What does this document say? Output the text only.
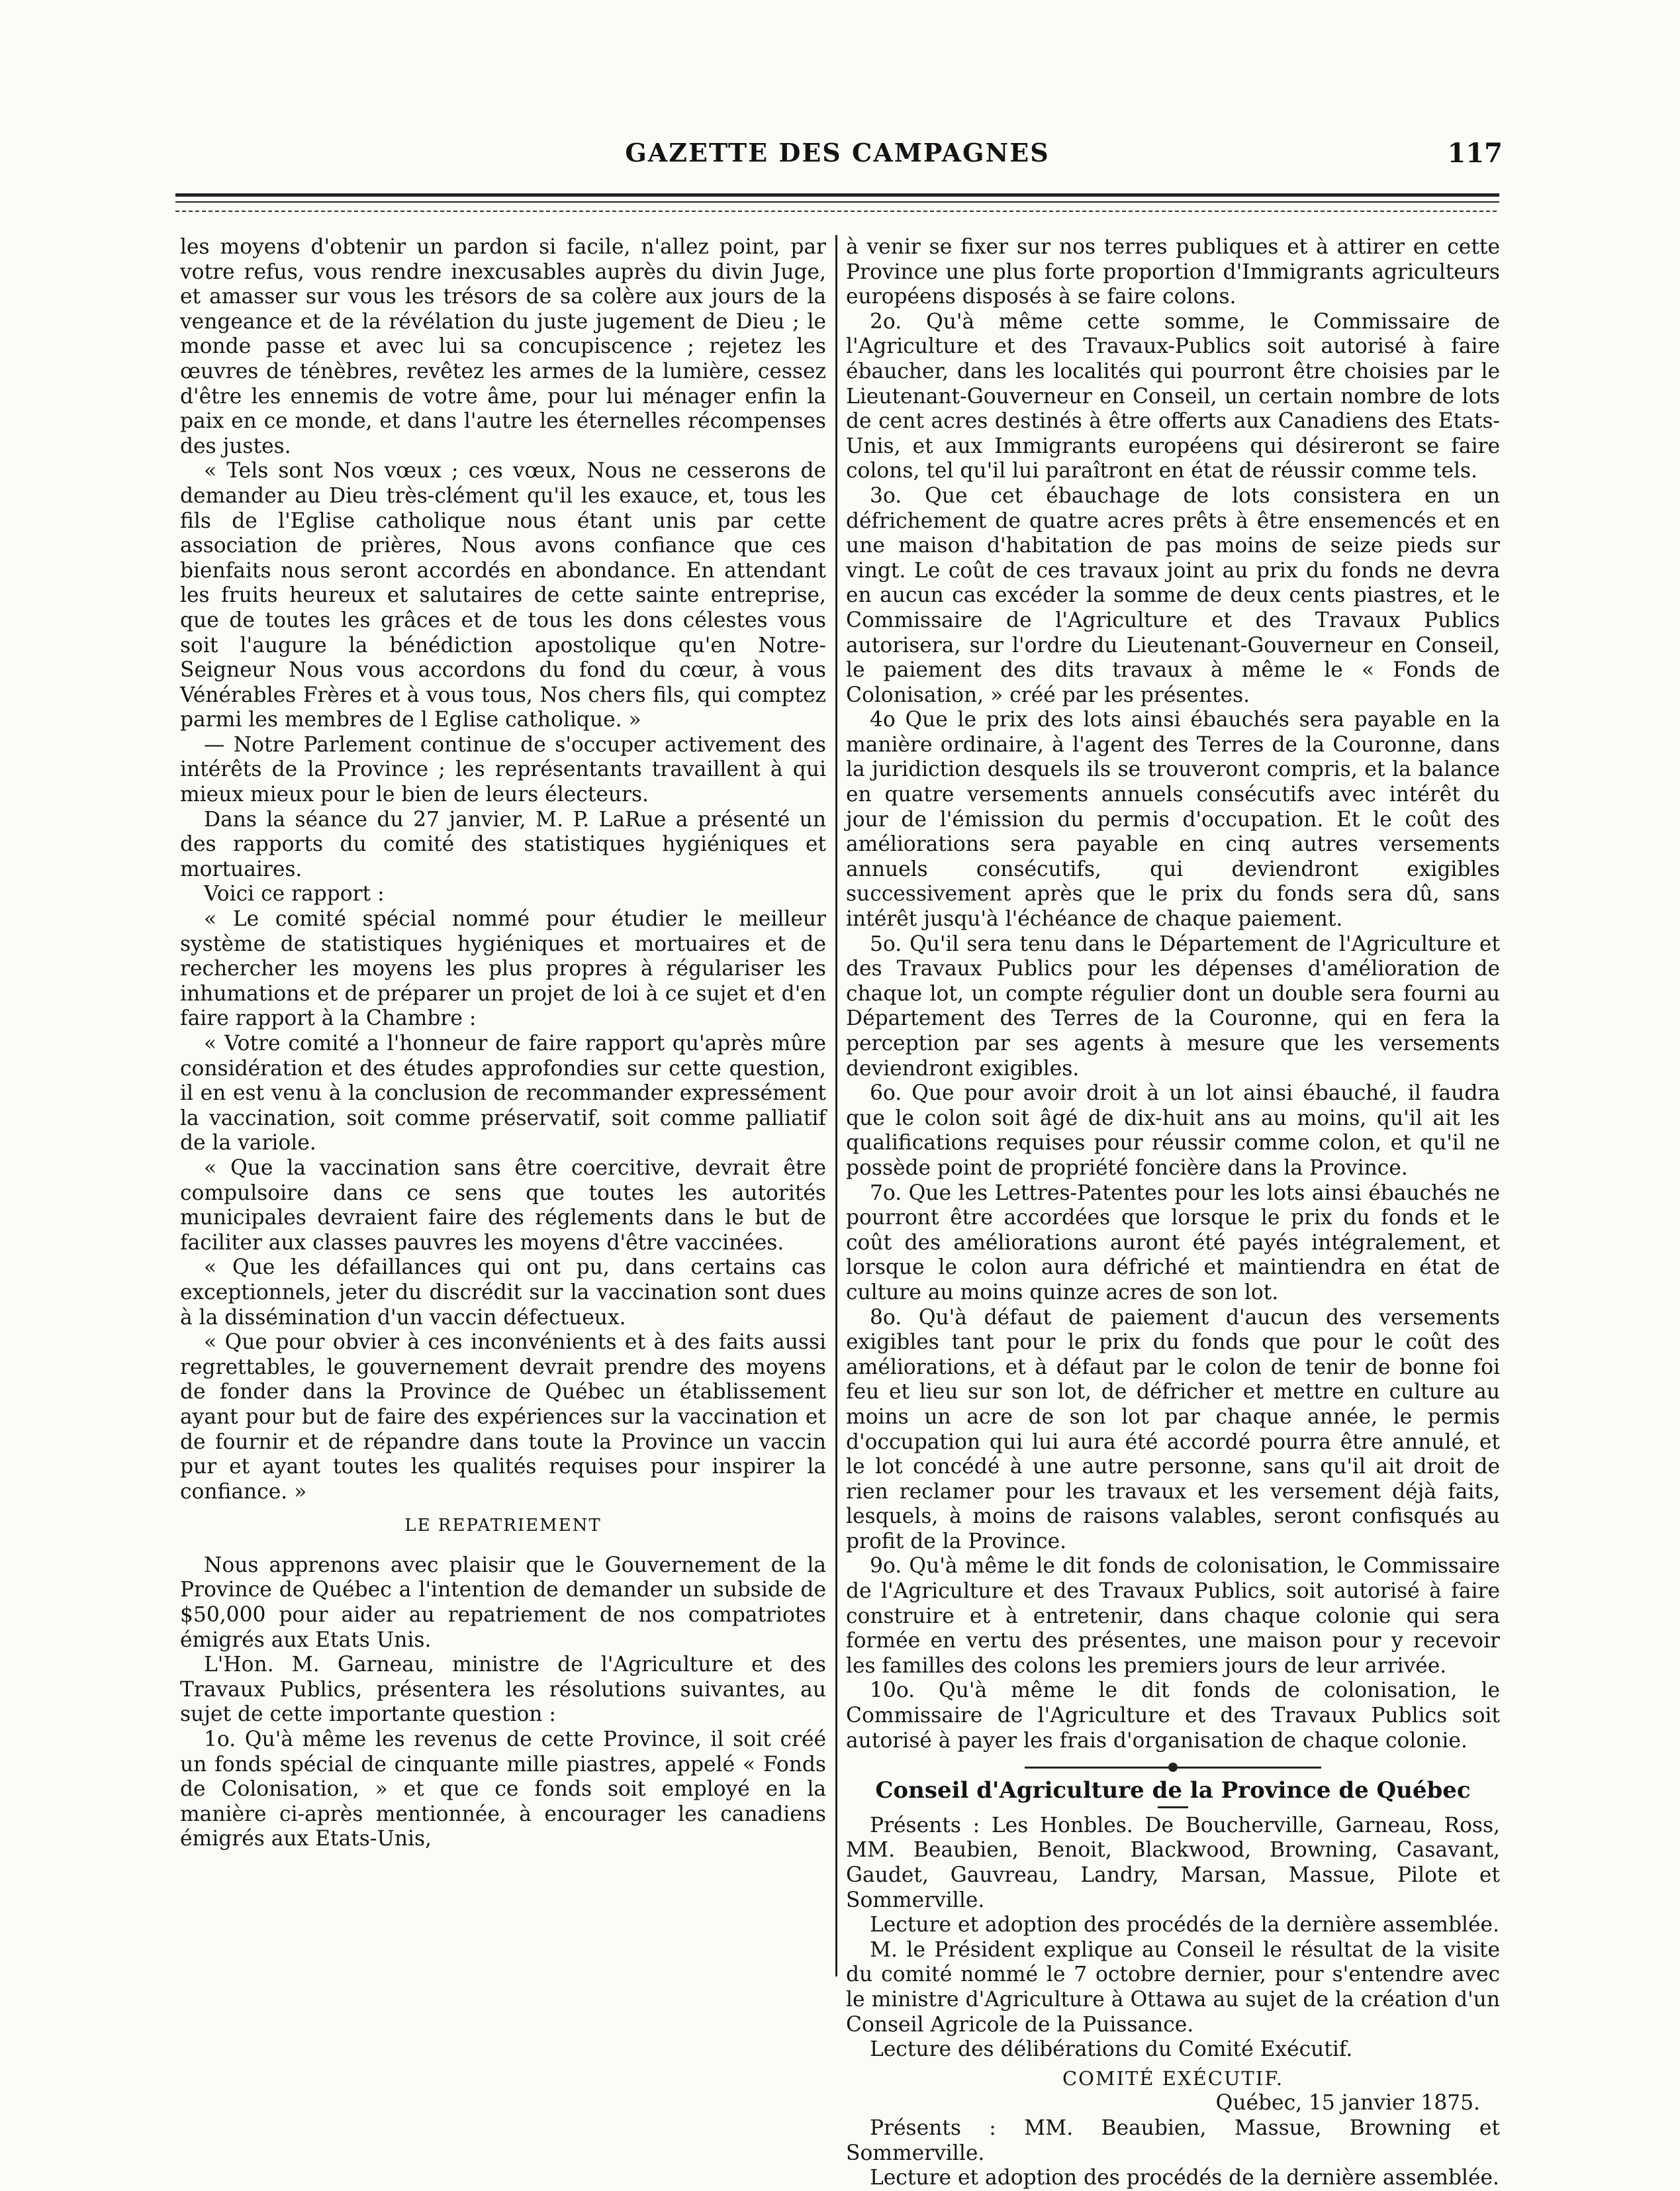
GAZETTE DES CAMPAGNES	117

les moyens d'obtenir un pardon si facile, n'allez point, par votre refus, vous rendre inexcusables auprès du divin Juge, et amasser sur vous les trésors de sa colère aux jours de la vengeance et de la révélation du juste jugement de Dieu ; le monde passe et avec lui sa concupiscence ; rejetez les œuvres de ténèbres, revêtez les armes de la lumière, cessez d'être les ennemis de votre âme, pour lui ménager enfin la paix en ce monde, et dans l'autre les éternelles récompenses des justes.

« Tels sont Nos vœux ; ces vœux, Nous ne cesserons de demander au Dieu très-clément qu'il les exauce, et, tous les fils de l'Eglise catholique nous étant unis par cette association de prières, Nous avons confiance que ces bienfaits nous seront accordés en abondance. En attendant les fruits heureux et salutaires de cette sainte entreprise, que de toutes les grâces et de tous les dons célestes vous soit l'augure la bénédiction apostolique qu'en Notre-Seigneur Nous vous accordons du fond du cœur, à vous Vénérables Frères et à vous tous, Nos chers fils, qui comptez parmi les membres de l Eglise catholique. »

— Notre Parlement continue de s'occuper activement des intérêts de la Province ; les représentants travaillent à qui mieux mieux pour le bien de leurs électeurs.

Dans la séance du 27 janvier, M. P. LaRue a présenté un des rapports du comité des statistiques hygiéniques et mortuaires.

Voici ce rapport :

« Le comité spécial nommé pour étudier le meilleur système de statistiques hygiéniques et mortuaires et de rechercher les moyens les plus propres à régulariser les inhumations et de préparer un projet de loi à ce sujet et d'en faire rapport à la Chambre :

« Votre comité a l'honneur de faire rapport qu'après mûre considération et des études approfondies sur cette question, il en est venu à la conclusion de recommander expressément la vaccination, soit comme préservatif, soit comme palliatif de la variole.

« Que la vaccination sans être coercitive, devrait être compulsoire dans ce sens que toutes les autorités municipales devraient faire des réglements dans le but de faciliter aux classes pauvres les moyens d'être vaccinées.

« Que les défaillances qui ont pu, dans certains cas exceptionnels, jeter du discrédit sur la vaccination sont dues à la dissémination d'un vaccin défectueux.

« Que pour obvier à ces inconvénients et à des faits aussi regrettables, le gouvernement devrait prendre des moyens de fonder dans la Province de Québec un établissement ayant pour but de faire des expériences sur la vaccination et de fournir et de répandre dans toute la Province un vaccin pur et ayant toutes les qualités requises pour inspirer la confiance. »

LE REPATRIEMENT

Nous apprenons avec plaisir que le Gouvernement de la Province de Québec a l'intention de demander un subside de $50,000 pour aider au repatriement de nos compatriotes émigrés aux Etats Unis.

L'Hon. M. Garneau, ministre de l'Agriculture et des Travaux Publics, présentera les résolutions suivantes, au sujet de cette importante question :

1o. Qu'à même les revenus de cette Province, il soit créé un fonds spécial de cinquante mille piastres, appelé « Fonds de Colonisation, » et que ce fonds soit employé en la manière ci-après mentionnée, à encourager les canadiens émigrés aux Etats-Unis,

à venir se fixer sur nos terres publiques et à attirer en cette Province une plus forte proportion d'Immigrants agriculteurs européens disposés à se faire colons.

2o. Qu'à même cette somme, le Commissaire de l'Agriculture et des Travaux-Publics soit autorisé à faire ébaucher, dans les localités qui pourront être choisies par le Lieutenant-Gouverneur en Conseil, un certain nombre de lots de cent acres destinés à être offerts aux Canadiens des Etats-Unis, et aux Immigrants européens qui désireront se faire colons, tel qu'il lui paraîtront en état de réussir comme tels.

3o. Que cet ébauchage de lots consistera en un défrichement de quatre acres prêts à être ensemencés et en une maison d'habitation de pas moins de seize pieds sur vingt. Le coût de ces travaux joint au prix du fonds ne devra en aucun cas excéder la somme de deux cents piastres, et le Commissaire de l'Agriculture et des Travaux Publics autorisera, sur l'ordre du Lieutenant-Gouverneur en Conseil, le paiement des dits travaux à même le « Fonds de Colonisation, » créé par les présentes.

4o Que le prix des lots ainsi ébauchés sera payable en la manière ordinaire, à l'agent des Terres de la Couronne, dans la juridiction desquels ils se trouveront compris, et la balance en quatre versements annuels consécutifs avec intérêt du jour de l'émission du permis d'occupation. Et le coût des améliorations sera payable en cinq autres versements annuels consécutifs, qui deviendront exigibles successivement après que le prix du fonds sera dû, sans intérêt jusqu'à l'échéance de chaque paiement.

5o. Qu'il sera tenu dans le Département de l'Agriculture et des Travaux Publics pour les dépenses d'amélioration de chaque lot, un compte régulier dont un double sera fourni au Département des Terres de la Couronne, qui en fera la perception par ses agents à mesure que les versements deviendront exigibles.

6o. Que pour avoir droit à un lot ainsi ébauché, il faudra que le colon soit âgé de dix-huit ans au moins, qu'il ait les qualifications requises pour réussir comme colon, et qu'il ne possède point de propriété foncière dans la Province.

7o. Que les Lettres-Patentes pour les lots ainsi ébauchés ne pourront être accordées que lorsque le prix du fonds et le coût des améliorations auront été payés intégralement, et lorsque le colon aura défriché et maintiendra en état de culture au moins quinze acres de son lot.

8o. Qu'à défaut de paiement d'aucun des versements exigibles tant pour le prix du fonds que pour le coût des améliorations, et à défaut par le colon de tenir de bonne foi feu et lieu sur son lot, de défricher et mettre en culture au moins un acre de son lot par chaque année, le permis d'occupation qui lui aura été accordé pourra être annulé, et le lot concédé à une autre personne, sans qu'il ait droit de rien reclamer pour les travaux et les versement déjà faits, lesquels, à moins de raisons valables, seront confisqués au profit de la Province.

9o. Qu'à même le dit fonds de colonisation, le Commissaire de l'Agriculture et des Travaux Publics, soit autorisé à faire construire et à entretenir, dans chaque colonie qui sera formée en vertu des présentes, une maison pour y recevoir les familles des colons les premiers jours de leur arrivée.

10o. Qu'à même le dit fonds de colonisation, le Commissaire de l'Agriculture et des Travaux Publics soit autorisé à payer les frais d'organisation de chaque colonie.

Conseil d'Agriculture de la Province de Québec

Présents : Les Honbles. De Boucherville, Garneau, Ross, MM. Beaubien, Benoit, Blackwood, Browning, Casavant, Gaudet, Gauvreau, Landry, Marsan, Massue, Pilote et Sommerville.

Lecture et adoption des procédés de la dernière assemblée.

M. le Président explique au Conseil le résultat de la visite du comité nommé le 7 octobre dernier, pour s'entendre avec le ministre d'Agriculture à Ottawa au sujet de la création d'un Conseil Agricole de la Puissance.

Lecture des délibérations du Comité Exécutif.

COMITÉ EXÉCUTIF.

Québec, 15 janvier 1875.

Présents : MM. Beaubien, Massue, Browning et Sommerville.

Lecture et adoption des procédés de la dernière assemblée.
